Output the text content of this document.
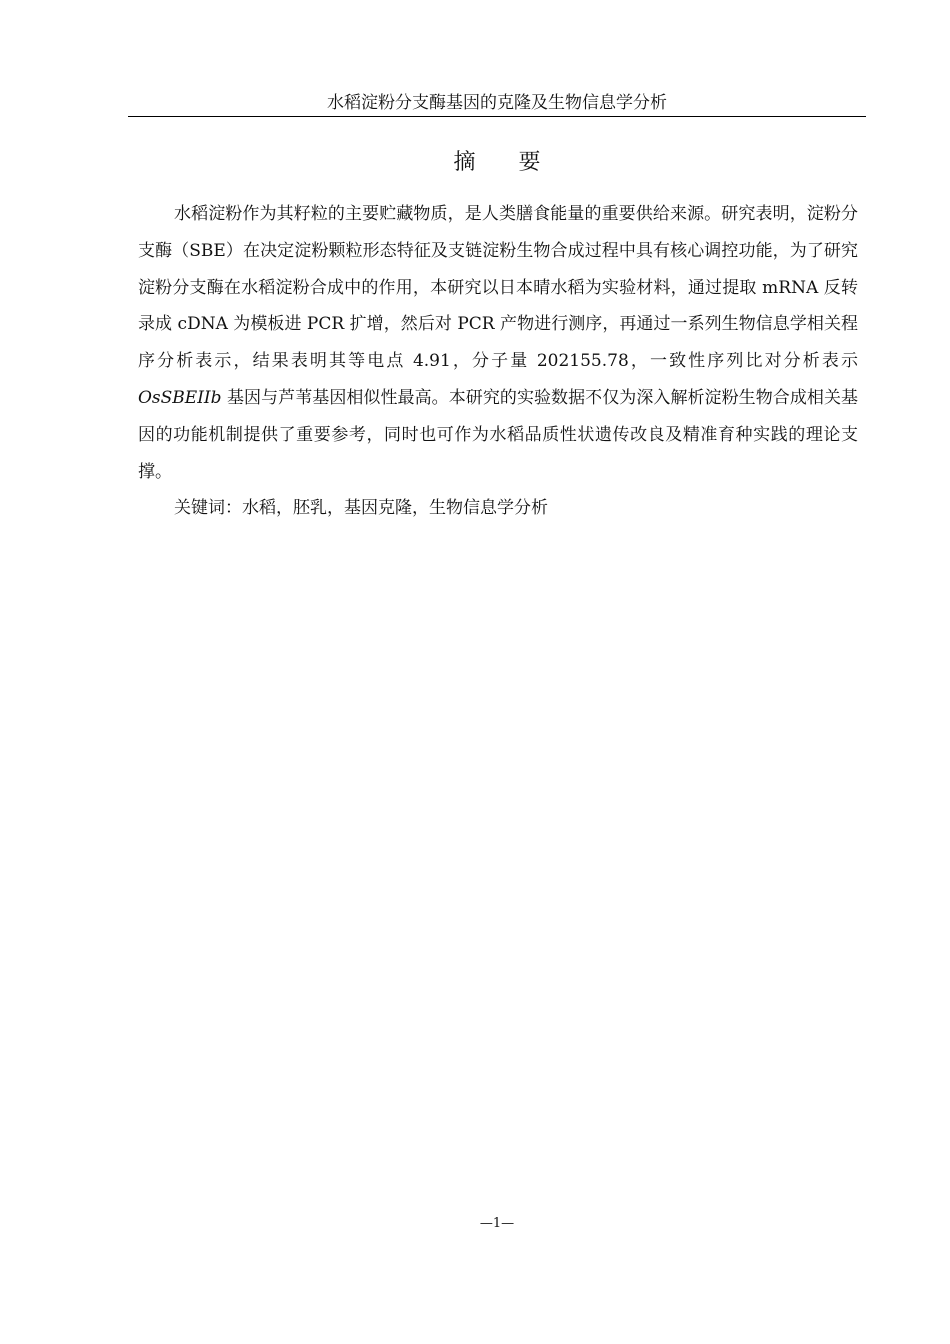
水稻淀粉分支酶基因的克隆及生物信息学分析
摘 要

水稻淀粉作为其籽粒的主要贮藏物质，是人类膳食能量的重要供给来源。研究表明，淀粉分支酶（SBE）在决定淀粉颗粒形态特征及支链淀粉生物合成过程中具有核心调控功能，为了研究淀粉分支酶在水稻淀粉合成中的作用，本研究以日本晴水稻为实验材料，通过提取 mRNA 反转录成 cDNA 为模板进 PCR 扩增，然后对 PCR 产物进行测序，再通过一系列生物信息学相关程序分析表示，结果表明其等电点 4.91，分子量 202155.78，一致性序列比对分析表示 OsSBEIIb 基因与芦苇基因相似性最高。本研究的实验数据不仅为深入解析淀粉生物合成相关基因的功能机制提供了重要参考，同时也可作为水稻品质性状遗传改良及精准育种实践的理论支撑。

关键词：水稻，胚乳，基因克隆，生物信息学分析

—1—
